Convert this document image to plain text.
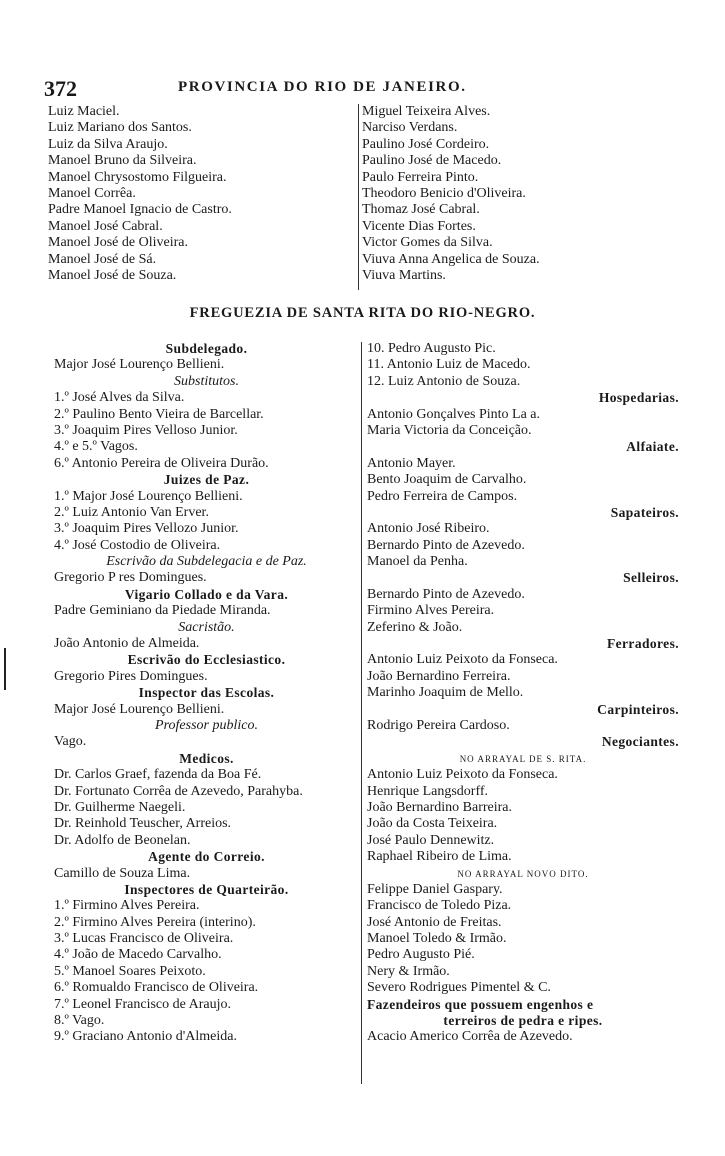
372	PROVINCIA DO RIO DE JANEIRO.
Luiz Maciel.
Luiz Mariano dos Santos.
Luiz da Silva Araujo.
Manoel Bruno da Silveira.
Manoel Chrysostomo Filgueira.
Manoel Corrêa.
Padre Manoel Ignacio de Castro.
Manoel José Cabral.
Manoel José de Oliveira.
Manoel José de Sá.
Manoel José de Souza.
Miguel Teixeira Alves.
Narciso Verdans.
Paulino José Cordeiro.
Paulino José de Macedo.
Paulo Ferreira Pinto.
Theodoro Benicio d'Oliveira.
Thomaz José Cabral.
Vicente Dias Fortes.
Victor Gomes da Silva.
Viuva Anna Angelica de Souza.
Viuva Martins.
FREGUEZIA DE SANTA RITA DO RIO-NEGRO.
Subdelegado.
Major José Lourenço Bellieni.
Substitutos.
1.º José Alves da Silva.
2.º Paulino Bento Vieira de Barcellar.
3.º Joaquim Pires Velloso Junior.
4.º e 5.º Vagos.
6.º Antonio Pereira de Oliveira Durão.
Juizes de Paz.
1.º Major José Lourenço Bellieni.
2.º Luiz Antonio Van Erver.
3.º Joaquim Pires Vellozo Junior.
4.º José Costodio de Oliveira.
Escrivão da Subdelegacia e de Paz.
Gregorio P res Domingues.
Vigario Collado e da Vara.
Padre Geminiano da Piedade Miranda.
Sacristão.
João Antonio de Almeida.
Escrivão do Ecclesiastico.
Gregorio Pires Domingues.
Inspector das Escolas.
Major José Lourenço Bellieni.
Professor publico.
Vago.
Medicos.
Dr. Carlos Graef, fazenda da Boa Fé.
Dr. Fortunato Corrêa de Azevedo, Parahyba.
Dr. Guilherme Naegeli.
Dr. Reinhold Teuscher, Arreios.
Dr. Adolfo de Beonelan.
Agente do Correio.
Camillo de Souza Lima.
Inspectores de Quarteirão.
1.º Firmino Alves Pereira.
2.º Firmino Alves Pereira (interino).
3.º Lucas Francisco de Oliveira.
4.º João de Macedo Carvalho.
5.º Manoel Soares Peixoto.
6.º Romualdo Francisco de Oliveira.
7.º Leonel Francisco de Araujo.
8.º Vago.
9.º Graciano Antonio d'Almeida.
10. Pedro Augusto Pic.
11. Antonio Luiz de Macedo.
12. Luiz Antonio de Souza.
Hospedarias.
Antonio Gonçalves Pinto La a.
Maria Victoria da Conceição.
Alfaiate.
Antonio Mayer.
Bento Joaquim de Carvalho.
Pedro Ferreira de Campos.
Sapateiros.
Antonio José Ribeiro.
Bernardo Pinto de Azevedo.
Manoel da Penha.
Selleiros.
Bernardo Pinto de Azevedo.
Firmino Alves Pereira.
Zeferino & João.
Ferradores.
Antonio Luiz Peixoto da Fonseca.
João Bernardino Ferreira.
Marinho Joaquim de Mello.
Carpinteiros.
Rodrigo Pereira Cardoso.
Negociantes.
NO ARRAYAL DE S. RITA.
Antonio Luiz Peixoto da Fonseca.
Henrique Langsdorff.
João Bernardino Barreira.
João da Costa Teixeira.
José Paulo Dennewitz.
Raphael Ribeiro de Lima.
NO ARRAYAL NOVO DITO.
Felippe Daniel Gaspary.
Francisco de Toledo Piza.
José Antonio de Freitas.
Manoel Toledo & Irmão.
Pedro Augusto Pié.
Nery & Irmão.
Severo Rodrigues Pimentel & C.
Fazendeiros que possuem engenhos e
terreiros de pedra e ripes.
Acacio Americo Corrêa de Azevedo.
